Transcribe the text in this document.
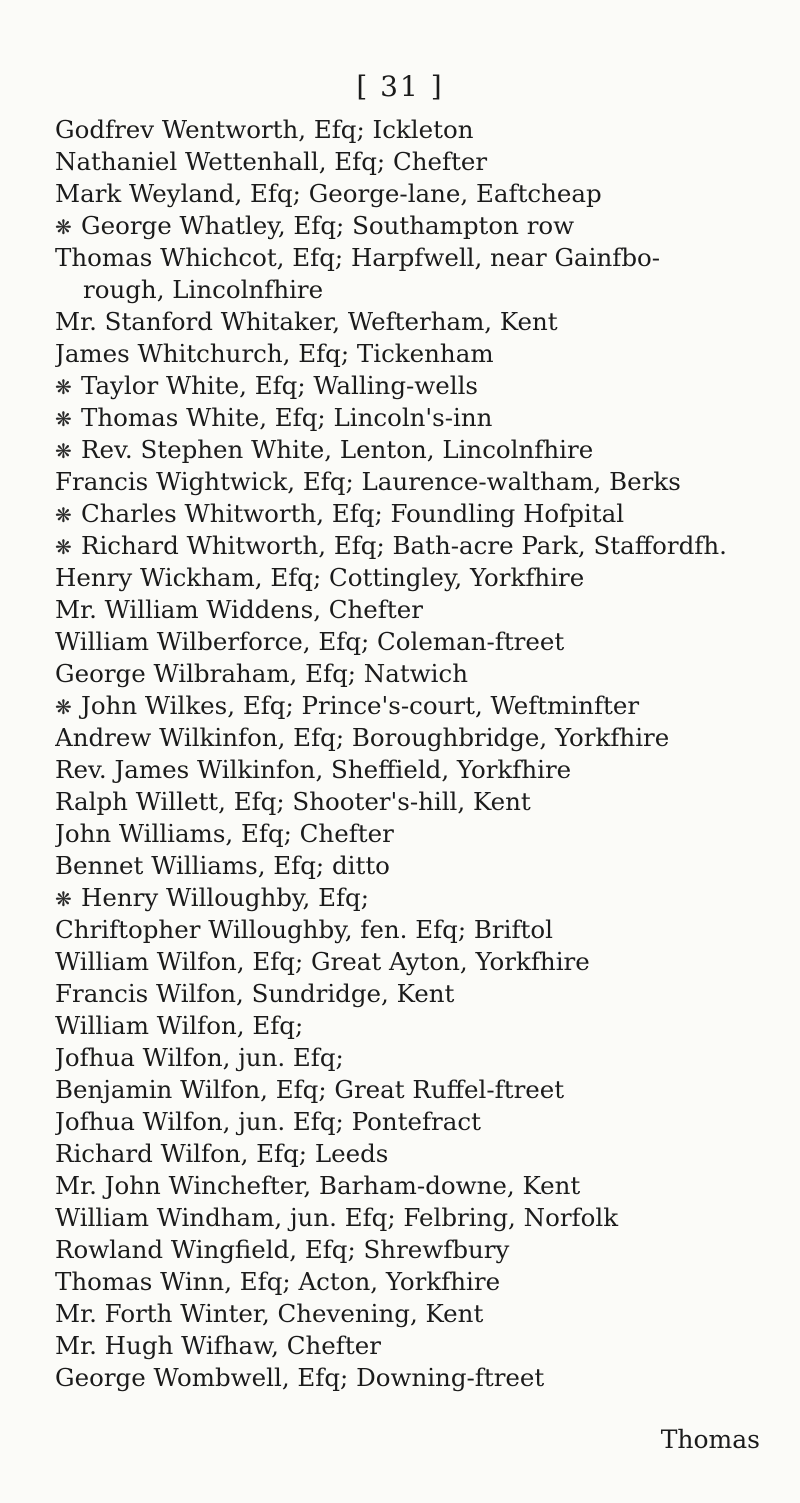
[ 31 ]
Godfrev Wentworth, Efq; Ickleton
Nathaniel Wettenhall, Efq; Chefter
Mark Weyland, Efq; George-lane, Eaftcheap
❋ George Whatley, Efq; Southampton row
Thomas Whichcot, Efq; Harpfwell, near Gainfbo-
rough, Lincolnfhire
Mr. Stanford Whitaker, Wefterham, Kent
James Whitchurch, Efq; Tickenham
❋ Taylor White, Efq; Walling-wells
❋ Thomas White, Efq; Lincoln's-inn
❋ Rev. Stephen White, Lenton, Lincolnfhire
Francis Wightwick, Efq; Laurence-waltham, Berks
❋ Charles Whitworth, Efq; Foundling Hofpital
❋ Richard Whitworth, Efq; Bath-acre Park, Staffordfh.
Henry Wickham, Efq; Cottingley, Yorkfhire
Mr. William Widdens, Chefter
William Wilberforce, Efq; Coleman-ftreet
George Wilbraham, Efq; Natwich
❋ John Wilkes, Efq; Prince's-court, Weftminfter
Andrew Wilkinfon, Efq; Boroughbridge, Yorkfhire
Rev. James Wilkinfon, Sheffield, Yorkfhire
Ralph Willett, Efq; Shooter's-hill, Kent
John Williams, Efq; Chefter
Bennet Williams, Efq; ditto
❋ Henry Willoughby, Efq;
Chriftopher Willoughby, fen. Efq; Briftol
William Wilfon, Efq; Great Ayton, Yorkfhire
Francis Wilfon, Sundridge, Kent
William Wilfon, Efq;
Jofhua Wilfon, jun. Efq;
Benjamin Wilfon, Efq; Great Ruffel-ftreet
Jofhua Wilfon, jun. Efq; Pontefract
Richard Wilfon, Efq; Leeds
Mr. John Winchefter, Barham-downe, Kent
William Windham, jun. Efq; Felbring, Norfolk
Rowland Wingfield, Efq; Shrewfbury
Thomas Winn, Efq; Acton, Yorkfhire
Mr. Forth Winter, Chevening, Kent
Mr. Hugh Wifhaw, Chefter
George Wombwell, Efq; Downing-ftreet
Thomas
